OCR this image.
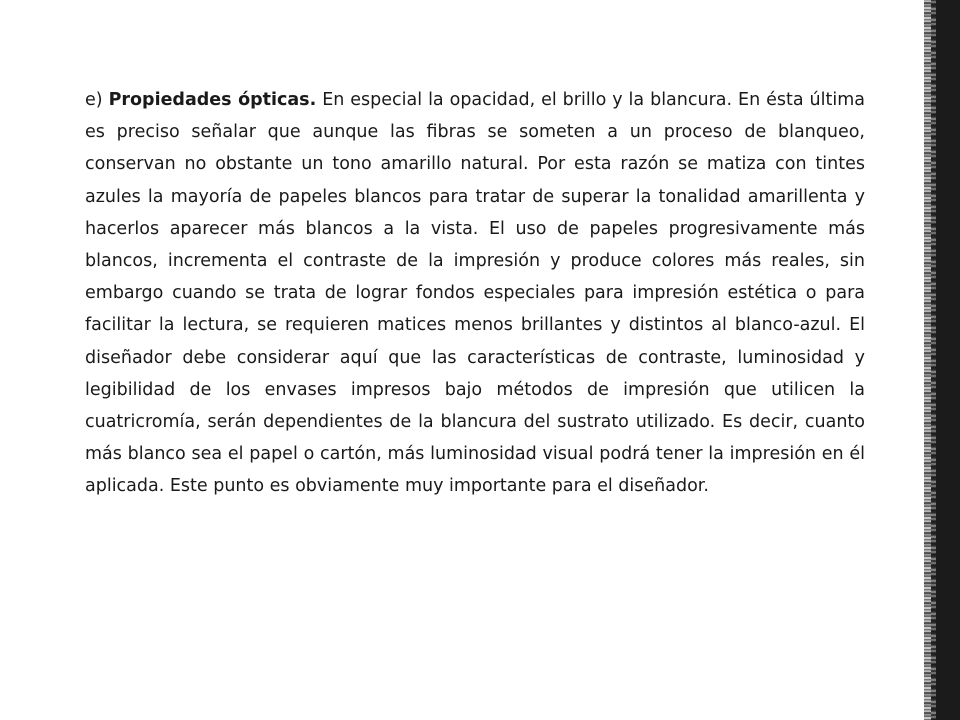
e) Propiedades ópticas. En especial la opacidad, el brillo y la blancura. En ésta última es preciso señalar que aunque las fibras se someten a un proceso de blanqueo, conservan no obstante un tono amarillo natural. Por esta razón se matiza con tintes azules la mayoría de papeles blancos para tratar de superar la tonalidad amarillenta y hacerlos aparecer más blancos a la vista. El uso de papeles progresivamente más blancos, incrementa el contraste de la impresión y produce colores más reales, sin embargo cuando se trata de lograr fondos especiales para impresión estética o para facilitar la lectura, se requieren matices menos brillantes y distintos al blanco-azul. El diseñador debe considerar aquí que las características de contraste, luminosidad y legibilidad de los envases impresos bajo métodos de impresión que utilicen la cuatricromía, serán dependientes de la blancura del sustrato utilizado. Es decir, cuanto más blanco sea el papel o cartón, más luminosidad visual podrá tener la impresión en él aplicada. Este punto es obviamente muy importante para el diseñador.
